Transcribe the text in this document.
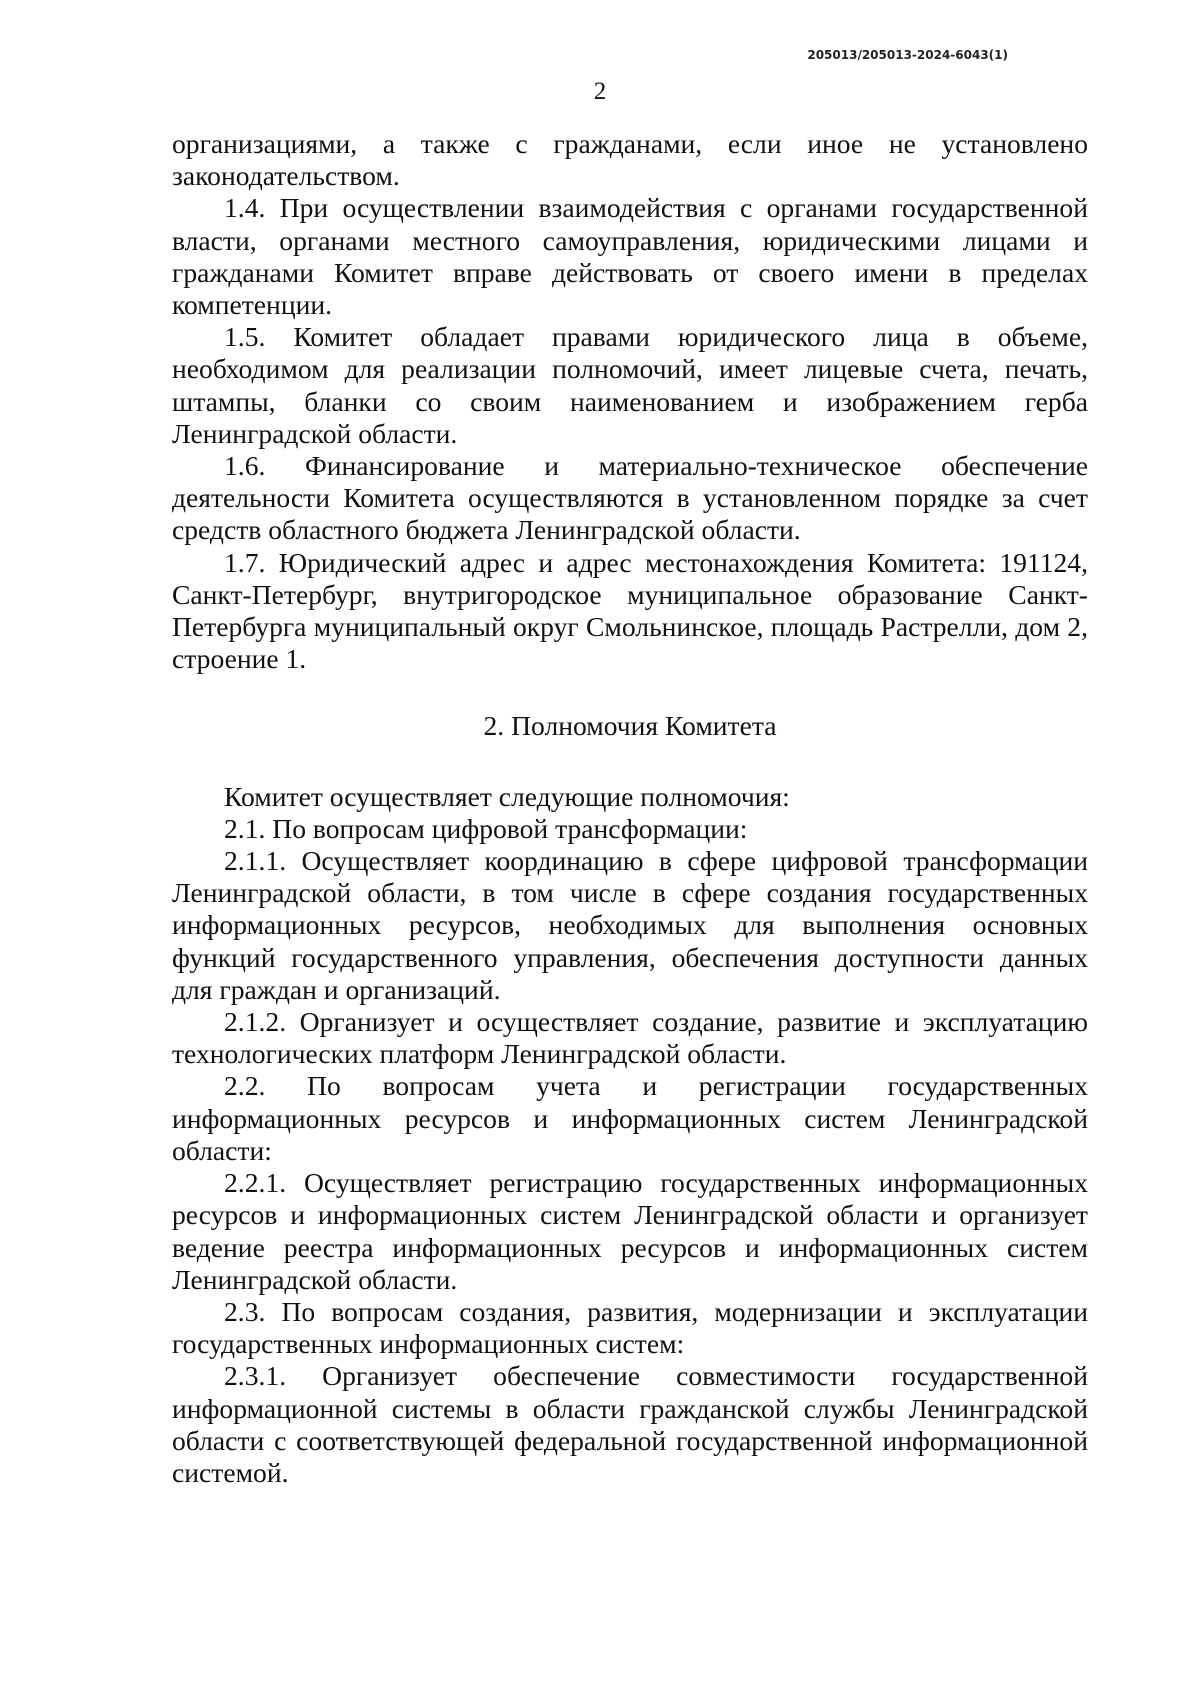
205013/205013-2024-6043(1)
2

организациями, а также с гражданами, если иное не установлено законодательством.

1.4. При осуществлении взаимодействия с органами государственной власти, органами местного самоуправления, юридическими лицами и гражданами Комитет вправе действовать от своего имени в пределах компетенции.

1.5. Комитет обладает правами юридического лица в объеме, необходимом для реализации полномочий, имеет лицевые счета, печать, штампы, бланки со своим наименованием и изображением герба Ленинградской области.

1.6. Финансирование и материально-техническое обеспечение деятельности Комитета осуществляются в установленном порядке за счет средств областного бюджета Ленинградской области.

1.7. Юридический адрес и адрес местонахождения Комитета: 191124, Санкт-Петербург, внутригородское муниципальное образование Санкт-Петербурга муниципальный округ Смольнинское, площадь Растрелли, дом 2, строение 1.

2. Полномочия Комитета

Комитет осуществляет следующие полномочия:

2.1. По вопросам цифровой трансформации:

2.1.1. Осуществляет координацию в сфере цифровой трансформации Ленинградской области, в том числе в сфере создания государственных информационных ресурсов, необходимых для выполнения основных функций государственного управления, обеспечения доступности данных для граждан и организаций.

2.1.2. Организует и осуществляет создание, развитие и эксплуатацию технологических платформ Ленинградской области.

2.2. По вопросам учета и регистрации государственных информационных ресурсов и информационных систем Ленинградской области:

2.2.1. Осуществляет регистрацию государственных информационных ресурсов и информационных систем Ленинградской области и организует ведение реестра информационных ресурсов и информационных систем Ленинградской области.

2.3. По вопросам создания, развития, модернизации и эксплуатации государственных информационных систем:

2.3.1. Организует обеспечение совместимости государственной информационной системы в области гражданской службы Ленинградской области с соответствующей федеральной государственной информационной системой.
